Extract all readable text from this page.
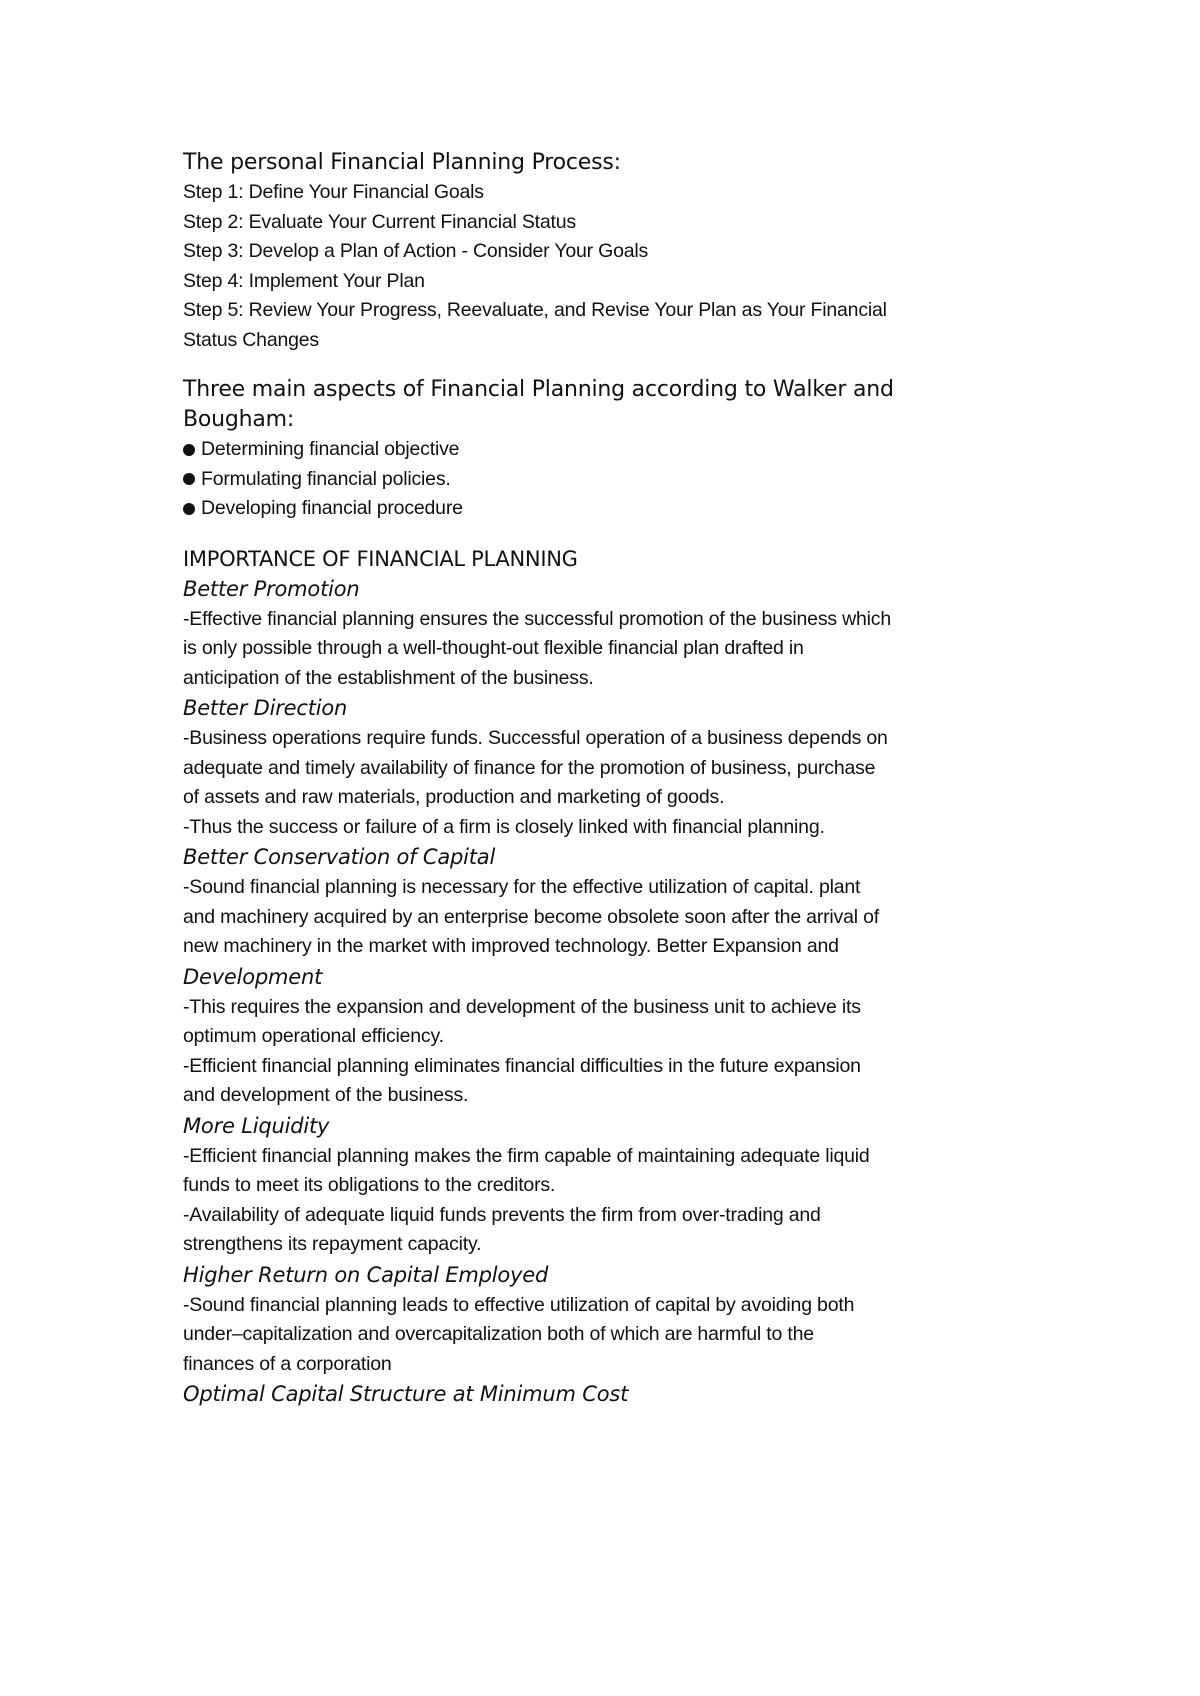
The personal Financial Planning Process:

Step 1: Define Your Financial Goals

Step 2: Evaluate Your Current Financial Status

Step 3: Develop a Plan of Action - Consider Your Goals

Step 4: Implement Your Plan

Step 5: Review Your Progress, Reevaluate, and Revise Your Plan as Your Financial

Status Changes

Three main aspects of Financial Planning according to Walker and

Bougham:

Determining financial objective
Formulating financial policies.
Developing financial procedure

IMPORTANCE OF FINANCIAL PLANNING

Better Promotion

-Effective financial planning ensures the successful promotion of the business which

is only possible through a well-thought-out flexible financial plan drafted in

anticipation of the establishment of the business.

Better Direction

-Business operations require funds. Successful operation of a business depends on

adequate and timely availability of finance for the promotion of business, purchase

of assets and raw materials, production and marketing of goods.

-Thus the success or failure of a firm is closely linked with financial planning.

Better Conservation of Capital

-Sound financial planning is necessary for the effective utilization of capital. plant

and machinery acquired by an enterprise become obsolete soon after the arrival of

new machinery in the market with improved technology. Better Expansion and

Development

-This requires the expansion and development of the business unit to achieve its

optimum operational efficiency.

-Efficient financial planning eliminates financial difficulties in the future expansion

and development of the business.

More Liquidity

-Efficient financial planning makes the firm capable of maintaining adequate liquid

funds to meet its obligations to the creditors.

-Availability of adequate liquid funds prevents the firm from over-trading and

strengthens its repayment capacity.

Higher Return on Capital Employed

-Sound financial planning leads to effective utilization of capital by avoiding both

under–capitalization and overcapitalization both of which are harmful to the

finances of a corporation

Optimal Capital Structure at Minimum Cost
